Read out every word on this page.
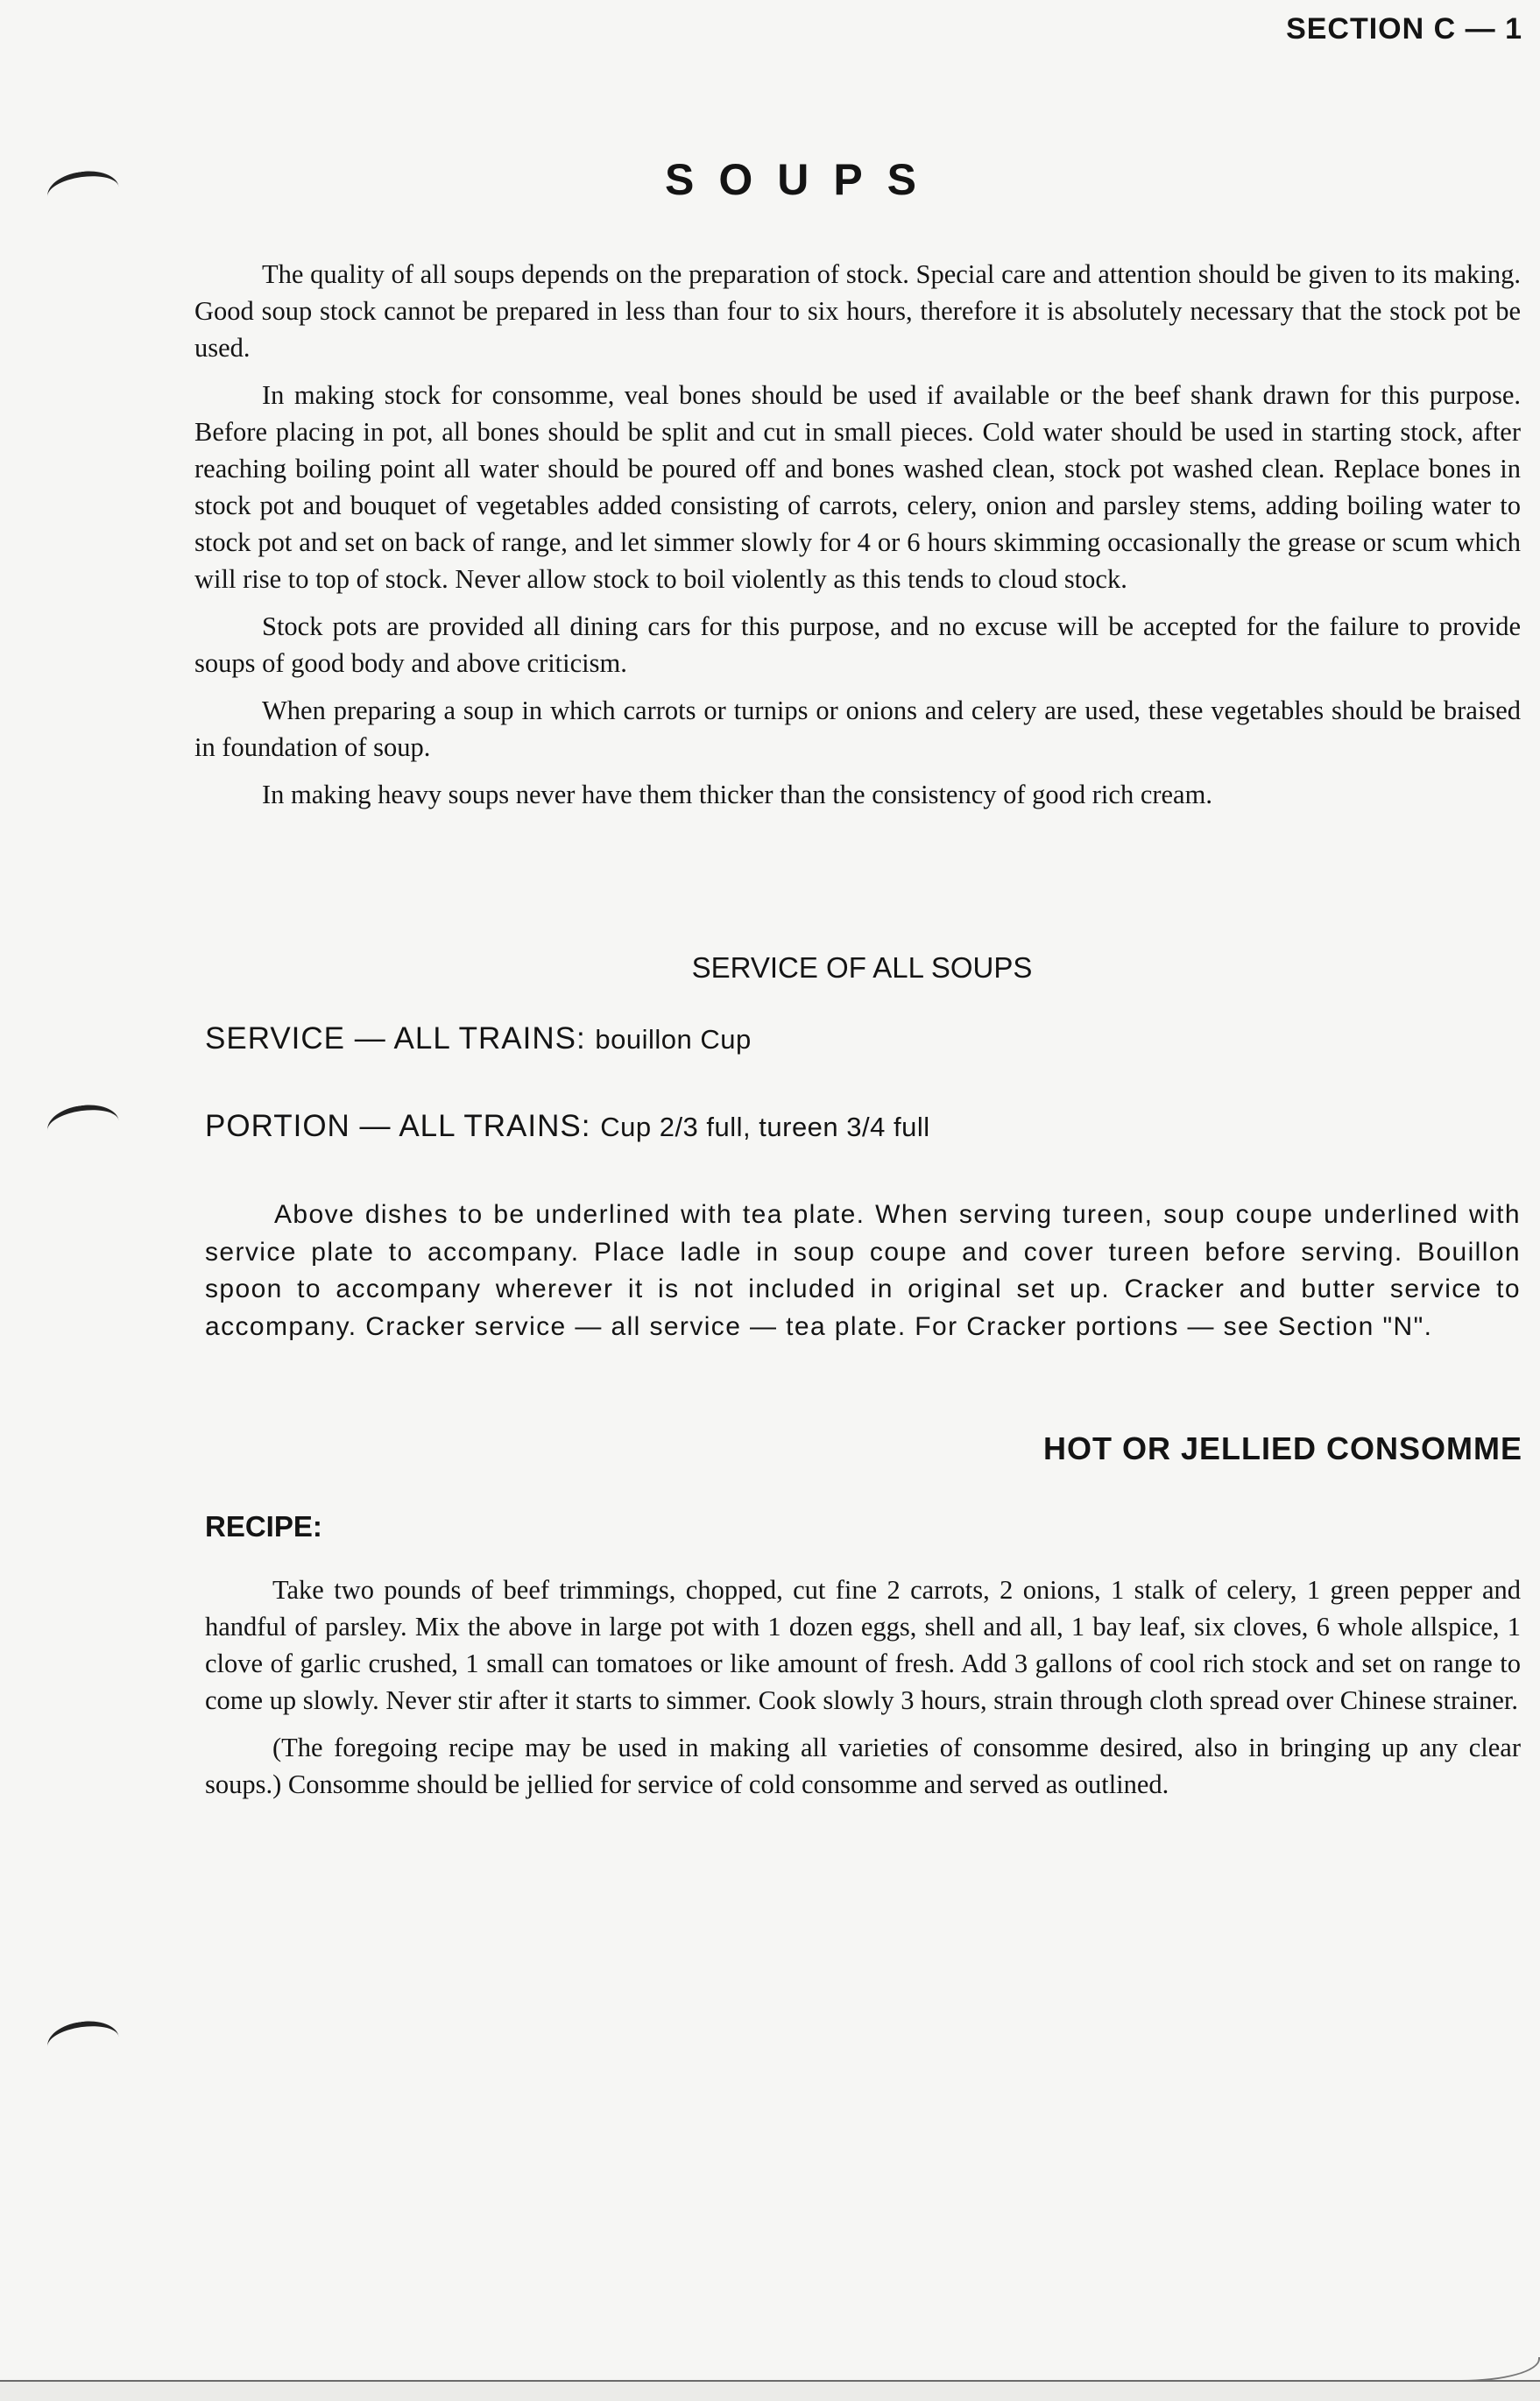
SECTION C — 1
SOUPS

The quality of all soups depends on the preparation of stock. Special care and attention should be given to its making. Good soup stock cannot be prepared in less than four to six hours, therefore it is absolutely necessary that the stock pot be used.

In making stock for consomme, veal bones should be used if available or the beef shank drawn for this purpose. Before placing in pot, all bones should be split and cut in small pieces. Cold water should be used in starting stock, after reaching boiling point all water should be poured off and bones washed clean, stock pot washed clean. Replace bones in stock pot and bouquet of vegetables added consisting of carrots, celery, onion and parsley stems, adding boiling water to stock pot and set on back of range, and let simmer slowly for 4 or 6 hours skimming occasionally the grease or scum which will rise to top of stock. Never allow stock to boil violently as this tends to cloud stock.

Stock pots are provided all dining cars for this purpose, and no excuse will be accepted for the failure to provide soups of good body and above criticism.

When preparing a soup in which carrots or turnips or onions and celery are used, these vegetables should be braised in foundation of soup.

In making heavy soups never have them thicker than the consistency of good rich cream.

SERVICE OF ALL SOUPS
SERVICE — ALL TRAINS: bouillon Cup
PORTION — ALL TRAINS: Cup 2/3 full, tureen 3/4 full

Above dishes to be underlined with tea plate. When serving tureen, soup coupe underlined with service plate to accompany. Place ladle in soup coupe and cover tureen before serving. Bouillon spoon to accompany wherever it is not included in original set up. Cracker and butter service to accompany. Cracker service — all service — tea plate. For Cracker portions — see Section "N".

HOT OR JELLIED CONSOMME
RECIPE:

Take two pounds of beef trimmings, chopped, cut fine 2 carrots, 2 onions, 1 stalk of celery, 1 green pepper and handful of parsley. Mix the above in large pot with 1 dozen eggs, shell and all, 1 bay leaf, six cloves, 6 whole allspice, 1 clove of garlic crushed, 1 small can tomatoes or like amount of fresh. Add 3 gallons of cool rich stock and set on range to come up slowly. Never stir after it starts to simmer. Cook slowly 3 hours, strain through cloth spread over Chinese strainer.

(The foregoing recipe may be used in making all varieties of consomme desired, also in bringing up any clear soups.) Consomme should be jellied for service of cold consomme and served as outlined.
